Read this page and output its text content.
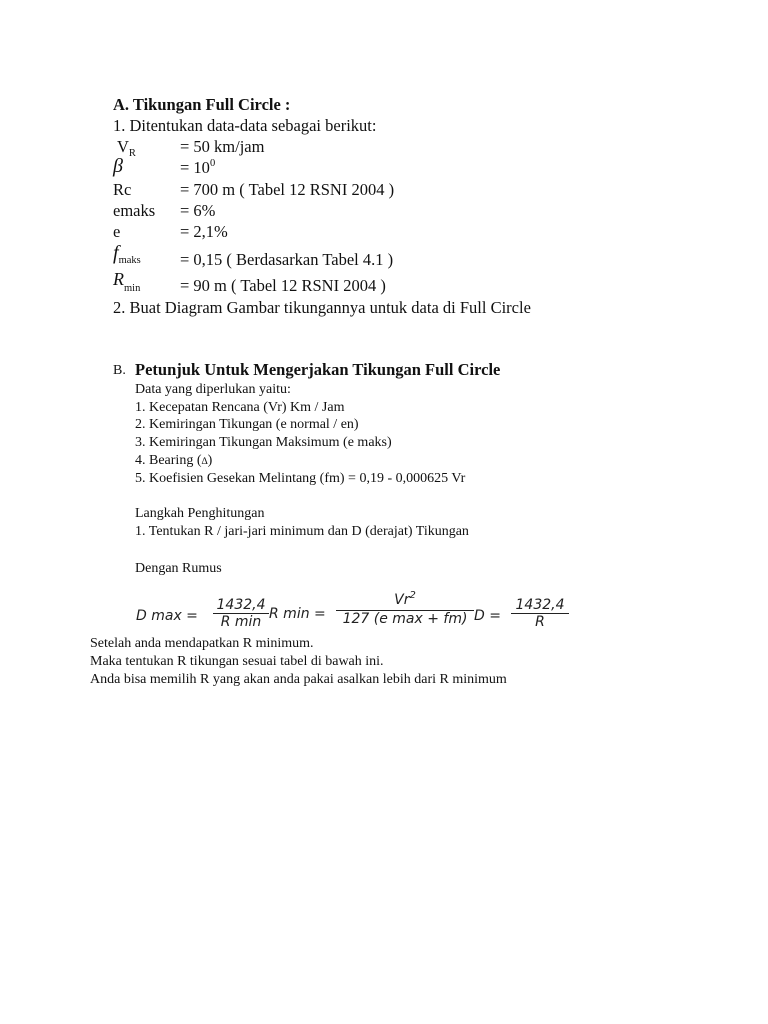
A. Tikungan Full Circle :
1. Ditentukan data-data sebagai berikut:
$V_R$	= 50 km/jam
β	= $10^0$
Rc	= 700 m ( Tabel 12 RSNI 2004 )
emaks = 6%
e	= 2,1%
$f_{maks} = 0,15$ ( Berdasarkan Tabel 4.1 )
$R_{min} = 90$ m ( Tabel 12 RSNI 2004 )
2. Buat Diagram Gambar tikungannya untuk data di Full Circle
B. Petunjuk Untuk Mengerjakan Tikungan Full Circle
Data yang diperlukan yaitu:
1. Kecepatan Rencana (Vr) Km / Jam
2. Kemiringan Tikungan (e normal / en)
3. Kemiringan Tikungan Maksimum (e maks)
4. Bearing (∆)
5. Koefisien Gesekan Melintang (fm) = 0,19 - 0,000625 Vr
Langkah Penghitungan
1. Tentukan R / jari-jari minimum dan D (derajat) Tikungan
Dengan Rumus
D max =
1432,4
R min R min =
$Vr^2$
127 (e max + fm) $D = \frac{1432,4}{R}$
Setelah anda mendapatkan R minimum.
Maka tentukan R tikungan sesuai tabel di bawah ini.
Anda bisa memilih R yang akan anda pakai asalkan lebih dari R minimum
